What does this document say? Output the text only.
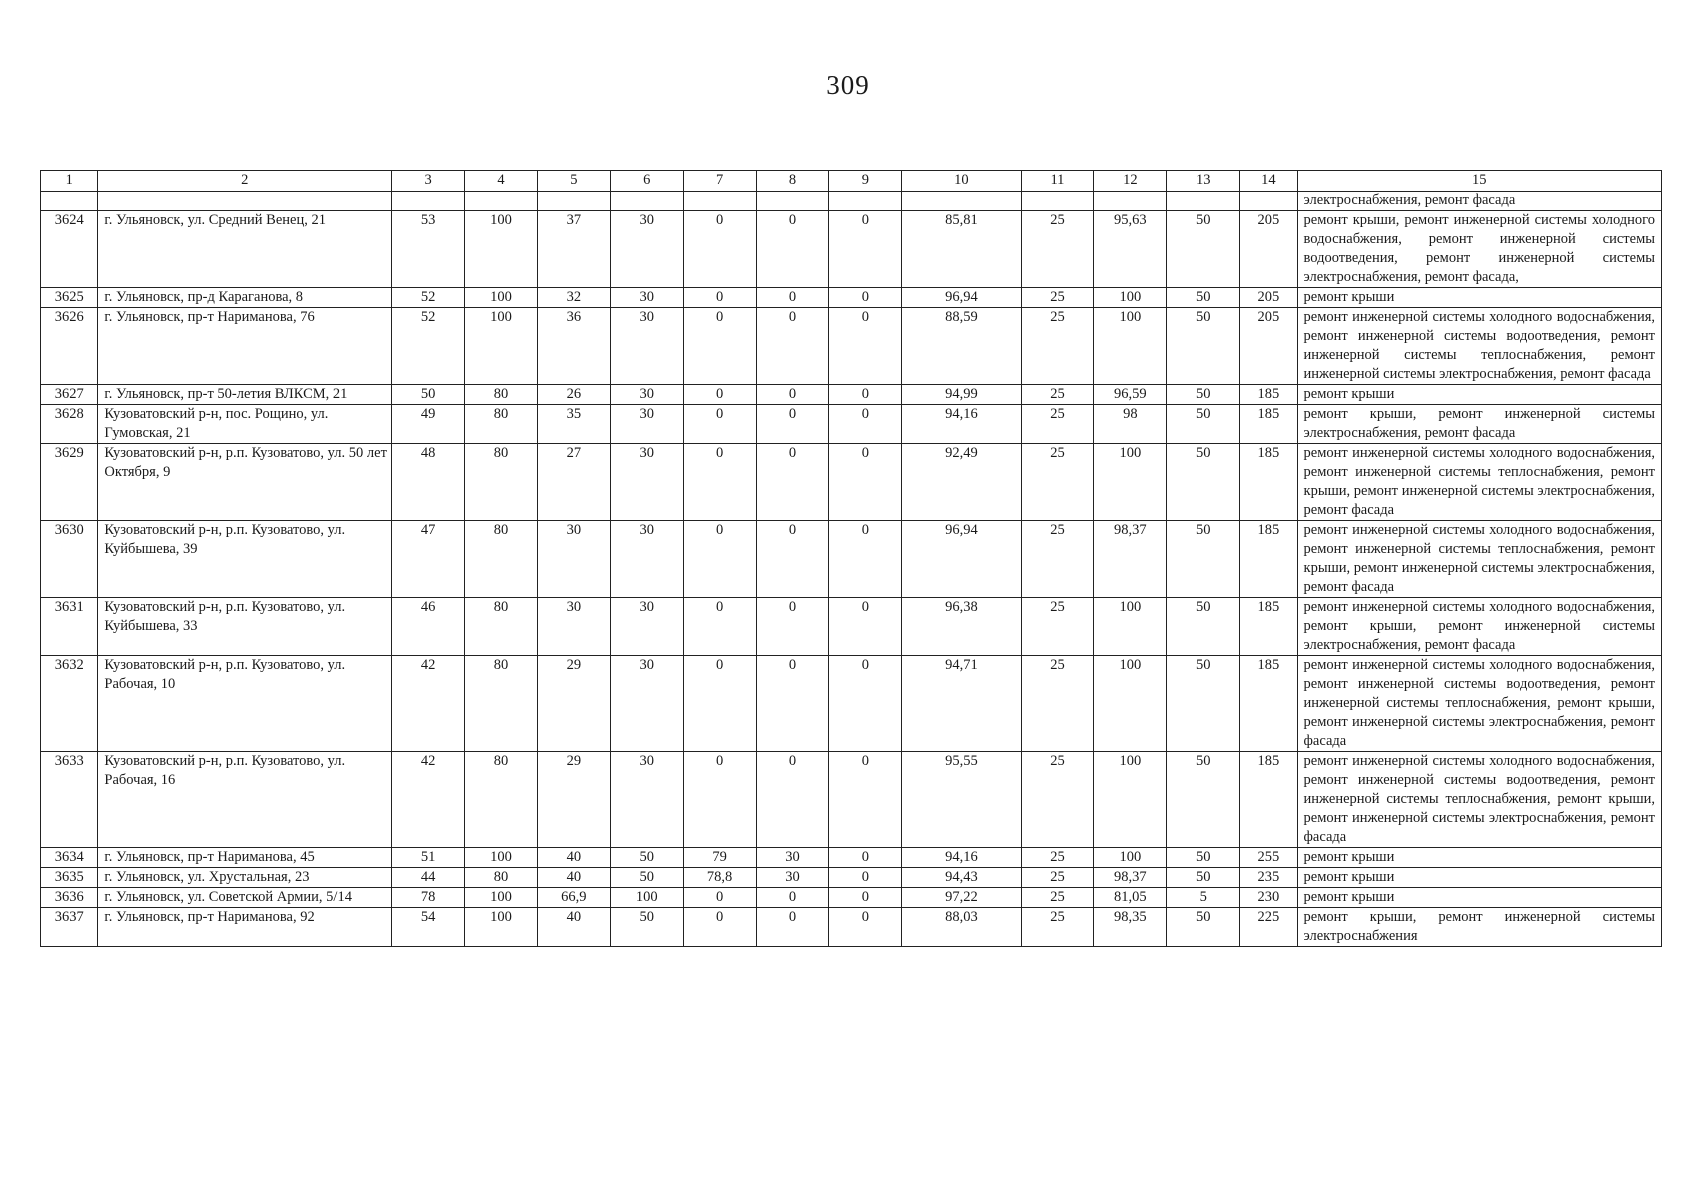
309
1	2	3	4	5	6	7	8	9	10	11	12	13	14	15
														электроснабжения, ремонт фасада
3624	г. Ульяновск, ул. Средний Венец, 21	53	100	37	30	0	0	0	85,81	25	95,63	50	205	ремонт крыши, ремонт инженерной системы холодного водоснабжения, ремонт инженерной системы водоотведения, ремонт инженерной системы электроснабжения, ремонт фасада,
3625	г. Ульяновск, пр-д Караганова, 8	52	100	32	30	0	0	0	96,94	25	100	50	205	ремонт крыши
3626	г. Ульяновск, пр-т Нариманова, 76	52	100	36	30	0	0	0	88,59	25	100	50	205	ремонт инженерной системы холодного водоснабжения, ремонт инженерной системы водоотведения, ремонт инженерной системы теплоснабжения, ремонт инженерной системы электроснабжения, ремонт фасада
3627	г. Ульяновск, пр-т 50-летия ВЛКСМ, 21	50	80	26	30	0	0	0	94,99	25	96,59	50	185	ремонт крыши
3628	Кузоватовский р-н, пос. Рощино, ул. Гумовская, 21	49	80	35	30	0	0	0	94,16	25	98	50	185	ремонт крыши, ремонт инженерной системы электроснабжения, ремонт фасада
3629	Кузоватовский р-н, р.п. Кузоватово, ул. 50 лет Октября, 9	48	80	27	30	0	0	0	92,49	25	100	50	185	ремонт инженерной системы холодного водоснабжения, ремонт инженерной системы теплоснабжения, ремонт крыши, ремонт инженерной системы электроснабжения, ремонт фасада
3630	Кузоватовский р-н, р.п. Кузоватово, ул. Куйбышева, 39	47	80	30	30	0	0	0	96,94	25	98,37	50	185	ремонт инженерной системы холодного водоснабжения, ремонт инженерной системы теплоснабжения, ремонт крыши, ремонт инженерной системы электроснабжения, ремонт фасада
3631	Кузоватовский р-н, р.п. Кузоватово, ул. Куйбышева, 33	46	80	30	30	0	0	0	96,38	25	100	50	185	ремонт инженерной системы холодного водоснабжения, ремонт крыши, ремонт инженерной системы электроснабжения, ремонт фасада
3632	Кузоватовский р-н, р.п. Кузоватово, ул. Рабочая, 10	42	80	29	30	0	0	0	94,71	25	100	50	185	ремонт инженерной системы холодного водоснабжения, ремонт инженерной системы водоотведения, ремонт инженерной системы теплоснабжения, ремонт крыши, ремонт инженерной системы электроснабжения, ремонт фасада
3633	Кузоватовский р-н, р.п. Кузоватово, ул. Рабочая, 16	42	80	29	30	0	0	0	95,55	25	100	50	185	ремонт инженерной системы холодного водоснабжения, ремонт инженерной системы водоотведения, ремонт инженерной системы теплоснабжения, ремонт крыши, ремонт инженерной системы электроснабжения, ремонт фасада
3634	г. Ульяновск, пр-т Нариманова, 45	51	100	40	50	79	30	0	94,16	25	100	50	255	ремонт крыши
3635	г. Ульяновск, ул. Хрустальная, 23	44	80	40	50	78,8	30	0	94,43	25	98,37	50	235	ремонт крыши
3636	г. Ульяновск, ул. Советской Армии, 5/14	78	100	66,9	100	0	0	0	97,22	25	81,05	5	230	ремонт крыши
3637	г. Ульяновск, пр-т Нариманова, 92	54	100	40	50	0	0	0	88,03	25	98,35	50	225	ремонт крыши, ремонт инженерной системы электроснабжения
